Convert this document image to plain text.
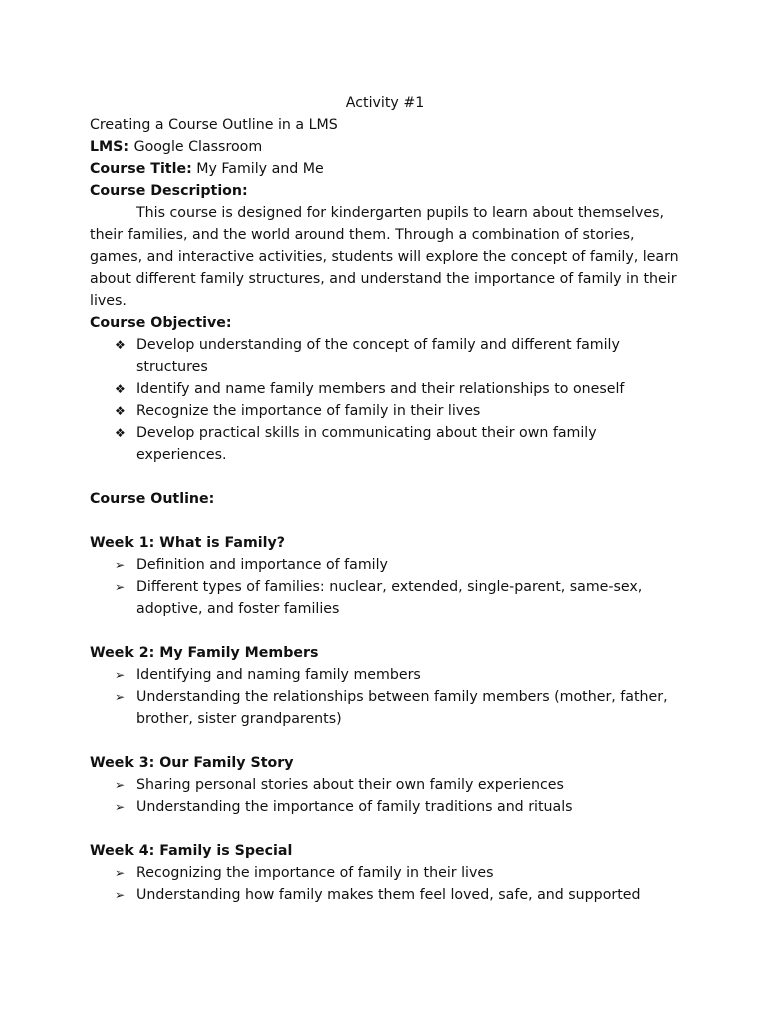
Activity #1
Creating a Course Outline in a LMS
LMS: Google Classroom
Course Title: My Family and Me
Course Description:

This course is designed for kindergarten pupils to learn about themselves, their families, and the world around them. Through a combination of stories, games, and interactive activities, students will explore the concept of family, learn about different family structures, and understand the importance of family in their lives.

Course Objective:
❖ Develop understanding of the concept of family and different family structures
❖ Identify and name family members and their relationships to oneself
❖ Recognize the importance of family in their lives
❖ Develop practical skills in communicating about their own family experiences.
Course Outline:
Week 1: What is Family?
➢ Definition and importance of family
➢ Different types of families: nuclear, extended, single-parent, same-sex, adoptive, and foster families
Week 2: My Family Members
➢ Identifying and naming family members
➢ Understanding the relationships between family members (mother, father, brother, sister grandparents)
Week 3: Our Family Story
➢ Sharing personal stories about their own family experiences
➢ Understanding the importance of family traditions and rituals
Week 4: Family is Special
➢ Recognizing the importance of family in their lives
➢ Understanding how family makes them feel loved, safe, and supported
